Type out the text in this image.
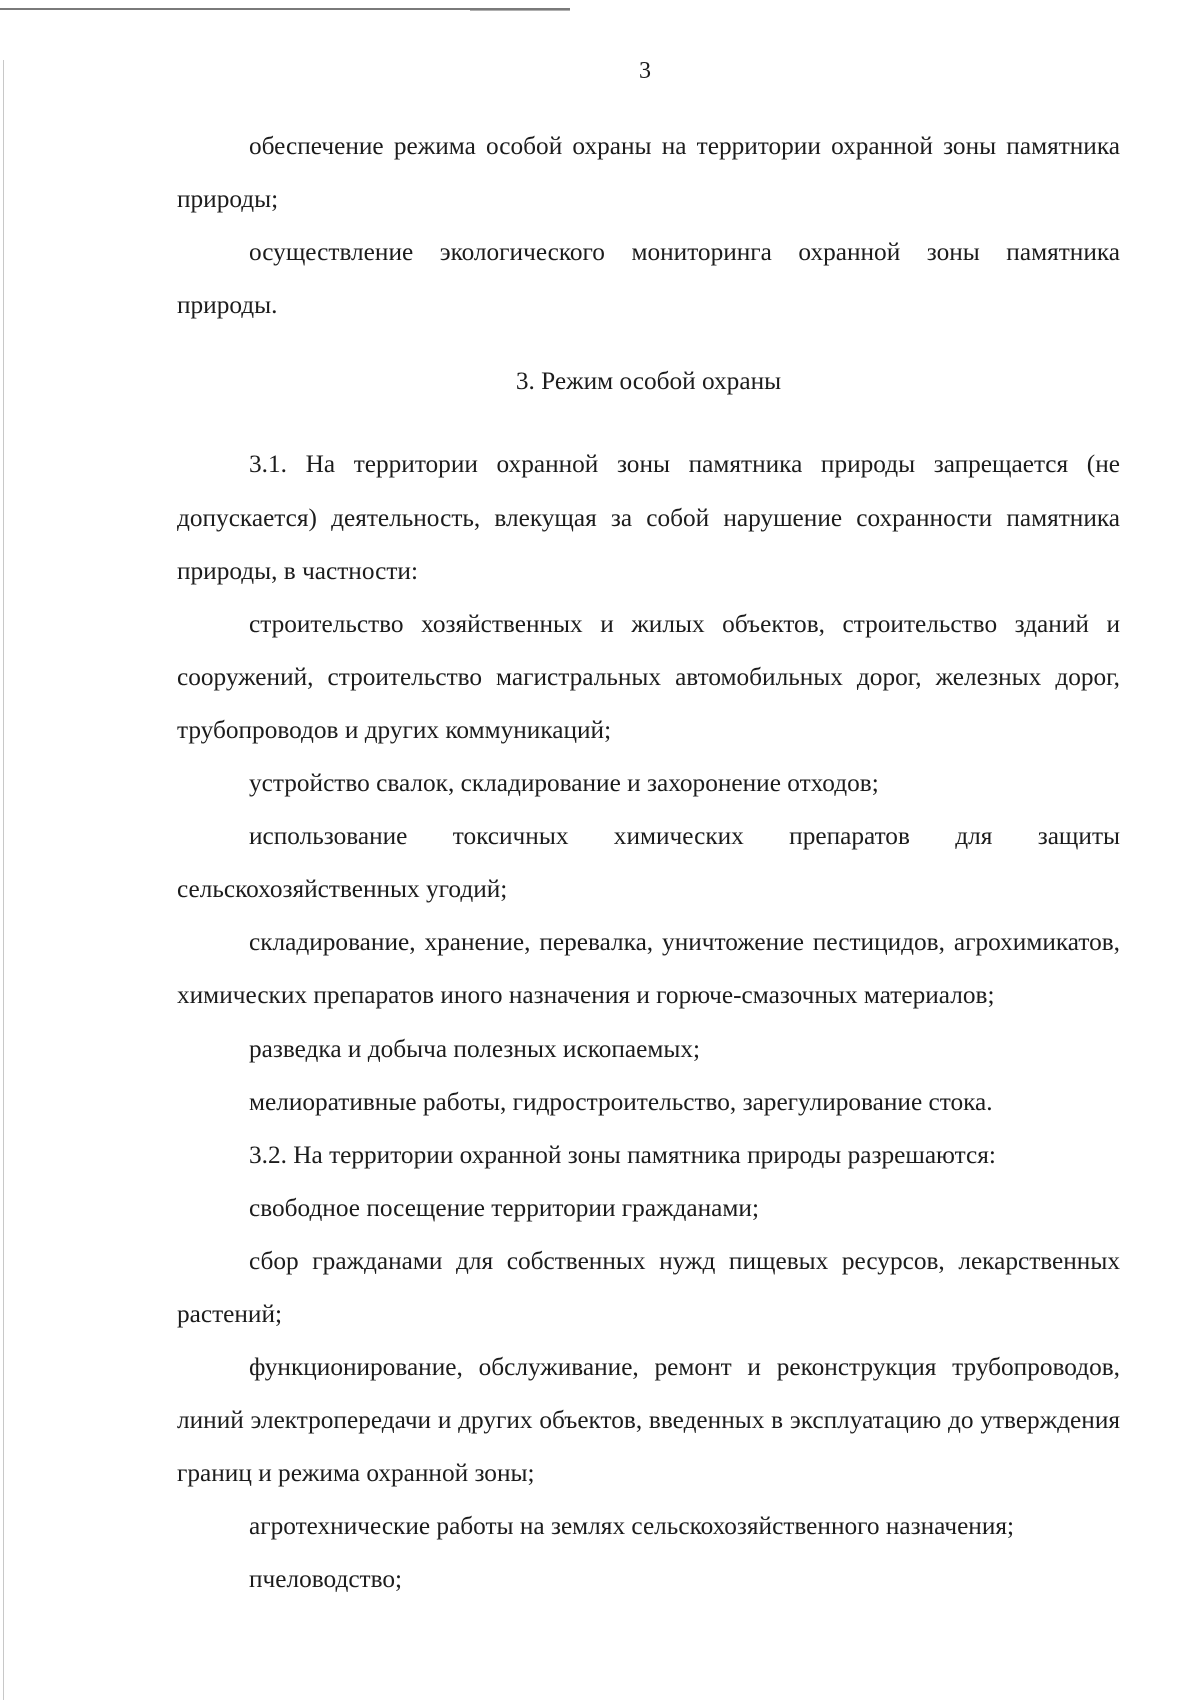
3

обеспечение режима особой охраны на территории охранной зоны памятника природы;

осуществление экологического мониторинга охранной зоны памятника природы.

3. Режим особой охраны

3.1. На территории охранной зоны памятника природы запрещается (не допускается) деятельность, влекущая за собой нарушение сохранности памятника природы, в частности:

строительство хозяйственных и жилых объектов, строительство зданий и сооружений, строительство магистральных автомобильных дорог, железных дорог, трубопроводов и других коммуникаций;

устройство свалок, складирование и захоронение отходов;

использование токсичных химических препаратов для защиты сельскохозяйственных угодий;

складирование, хранение, перевалка, уничтожение пестицидов, агрохимикатов, химических препаратов иного назначения и горюче-смазочных материалов;

разведка и добыча полезных ископаемых;

мелиоративные работы, гидростроительство, зарегулирование стока.

3.2. На территории охранной зоны памятника природы разрешаются:

свободное посещение территории гражданами;

сбор гражданами для собственных нужд пищевых ресурсов, лекарственных растений;

функционирование, обслуживание, ремонт и реконструкция трубопроводов, линий электропередачи и других объектов, введенных в эксплуатацию до утверждения границ и режима охранной зоны;

агротехнические работы на землях сельскохозяйственного назначения;

пчеловодство;
